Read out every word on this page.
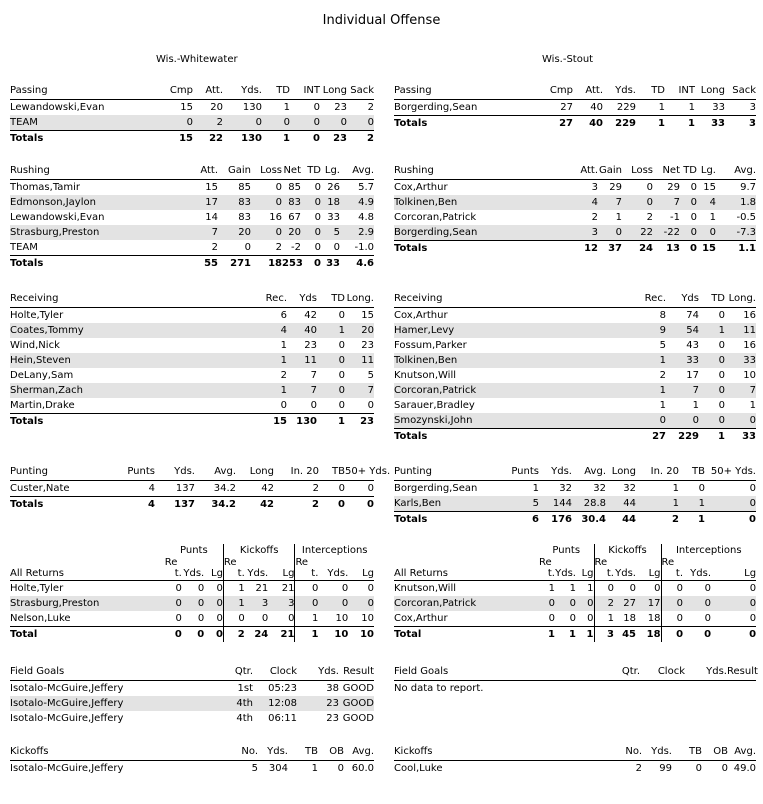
Individual Offense
Wis.-Whitewater	Wis.-Stout
Passing	Cmp	Att.	Yds.	TD	INT	Long	Sack
Lewandowski,Evan	15	20	130	1	0	23	2
TEAM	0	2	0	0	0	0	0
Totals	15	22	130	1	0	23	2
Passing	Cmp	Att.	Yds.	TD	INT	Long	Sack
Borgerding,Sean	27	40	229	1	1	33	3
Totals	27	40	229	1	1	33	3
Rushing	Att.	Gain	Loss	Net	TD	Lg.	Avg.
Thomas,Tamir	15	85	0	85	0	26	5.7
Edmonson,Jaylon	17	83	0	83	0	18	4.9
Lewandowski,Evan	14	83	16	67	0	33	4.8
Strasburg,Preston	7	20	0	20	0	5	2.9
TEAM	2	0	2	-2	0	0	-1.0
Totals	55	271	18	253	0	33	4.6
Rushing	Att.	Gain	Loss	Net	TD	Lg.	Avg.
Cox,Arthur	3	29	0	29	0	15	9.7
Tolkinen,Ben	4	7	0	7	0	4	1.8
Corcoran,Patrick	2	1	2	-1	0	1	-0.5
Borgerding,Sean	3	0	22	-22	0	0	-7.3
Totals	12	37	24	13	0	15	1.1
Receiving	Rec.	Yds	TD	Long.
Holte,Tyler	6	42	0	15
Coates,Tommy	4	40	1	20
Wind,Nick	1	23	0	23
Hein,Steven	1	11	0	11
DeLany,Sam	2	7	0	5
Sherman,Zach	1	7	0	7
Martin,Drake	0	0	0	0
Totals	15	130	1	23
Receiving	Rec.	Yds	TD	Long.
Cox,Arthur	8	74	0	16
Hamer,Levy	9	54	1	11
Fossum,Parker	5	43	0	16
Tolkinen,Ben	1	33	0	33
Knutson,Will	2	17	0	10
Corcoran,Patrick	1	7	0	7
Sarauer,Bradley	1	1	0	1
Smozynski,John	0	0	0	0
Totals	27	229	1	33
Punting	Punts	Yds.	Avg.	Long	In. 20	TB	50+ Yds.
Custer,Nate	4	137	34.2	42	2	0	0
Totals	4	137	34.2	42	2	0	0
Punting	Punts	Yds.	Avg.	Long	In. 20	TB	50+ Yds.
Borgerding,Sean	1	32	32	32	1	0	0
Karls,Ben	5	144	28.8	44	1	1	0
Totals	6	176	30.4	44	2	1	0
Field Goals	Qtr.	Clock	Yds.	Result
Isotalo-McGuire,Jeffery	1st	05:23	38	GOOD
Isotalo-McGuire,Jeffery	4th	12:08	23	GOOD
Isotalo-McGuire,Jeffery	4th	06:11	23	GOOD
Field Goals	Qtr.	Clock	Yds.	Result
No data to report.
Kickoffs	No.	Yds.	TB	OB	Avg.
Isotalo-McGuire,Jeffery	5	304	1	0	60.0
Kickoffs	No.	Yds.	TB	OB	Avg.
Cool,Luke	2	99	0	0	49.0
	Punts			Kickoffs			Interceptions		
	Re			Re			Re		
All Returns	t.	Yds.	Lg	t.	Yds.	Lg	t.	Yds.	Lg
Holte,Tyler	0	0	0	1	21	21	0	0	0
Strasburg,Preston	0	0	0	1	3	3	0	0	0
Nelson,Luke	0	0	0	0	0	0	1	10	10
Total	0	0	0	2	24	21	1	10	10
	Punts			Kickoffs			Interceptions		
	Re			Re			Re		
All Returns	t.	Yds.	Lg	t.	Yds.	Lg	t.	Yds.	Lg
Knutson,Will	1	1	1	0	0	0	0	0	0
Corcoran,Patrick	0	0	0	2	27	17	0	0	0
Cox,Arthur	0	0	0	1	18	18	0	0	0
Total	1	1	1	3	45	18	0	0	0
